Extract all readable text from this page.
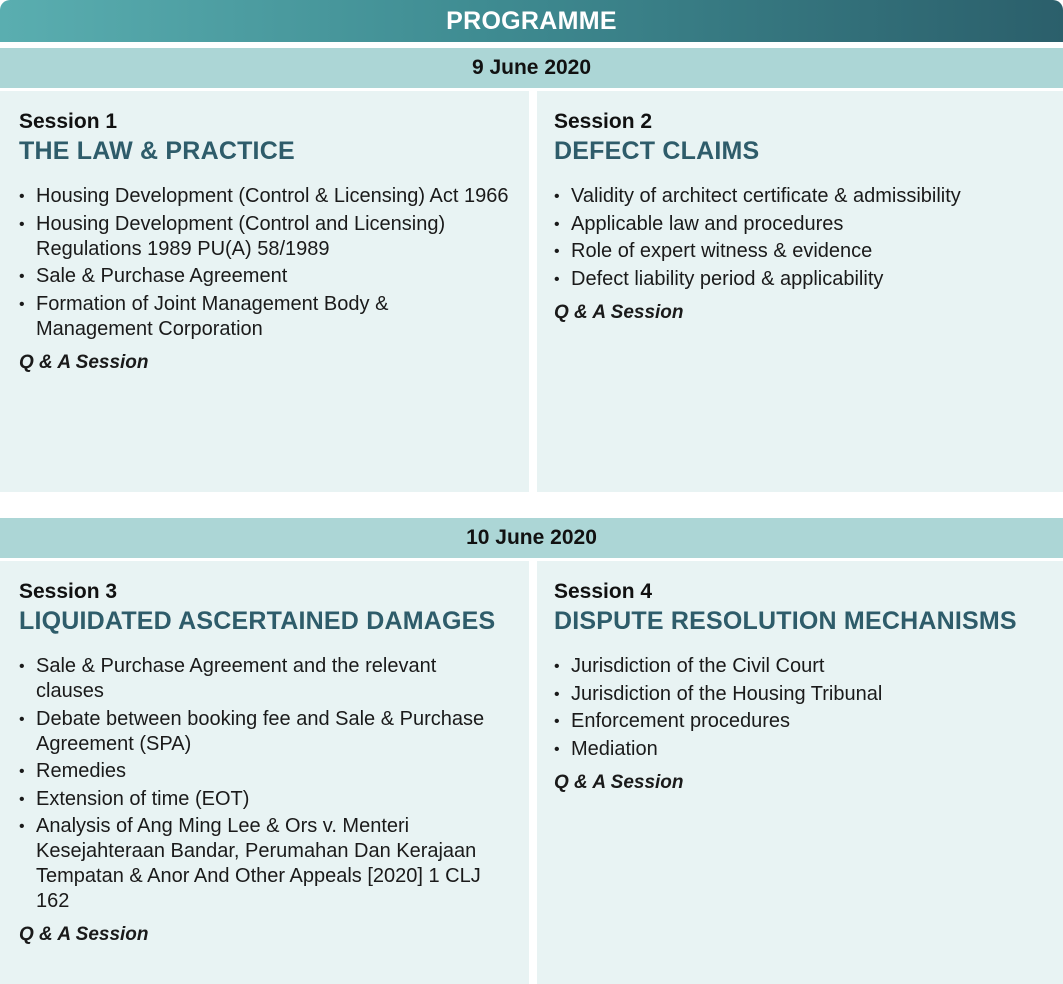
PROGRAMME
9 June 2020
Session 1
THE LAW & PRACTICE
• Housing Development (Control & Licensing) Act 1966
• Housing Development (Control and Licensing) Regulations 1989 PU(A) 58/1989
• Sale & Purchase Agreement
• Formation of Joint Management Body & Management Corporation
Q & A Session
Session 2
DEFECT CLAIMS
• Validity of architect certificate & admissibility
• Applicable law and procedures
• Role of expert witness & evidence
• Defect liability period & applicability
Q & A Session
10 June 2020
Session 3
LIQUIDATED ASCERTAINED DAMAGES
• Sale & Purchase Agreement and the relevant clauses
• Debate between booking fee and Sale & Purchase Agreement (SPA)
• Remedies
• Extension of time (EOT)
• Analysis of Ang Ming Lee & Ors v. Menteri Kesejahteraan Bandar, Perumahan Dan Kerajaan Tempatan & Anor And Other Appeals [2020] 1 CLJ 162
Q & A Session
Session 4
DISPUTE RESOLUTION MECHANISMS
• Jurisdiction of the Civil Court
• Jurisdiction of the Housing Tribunal
• Enforcement procedures
• Mediation
Q & A Session
